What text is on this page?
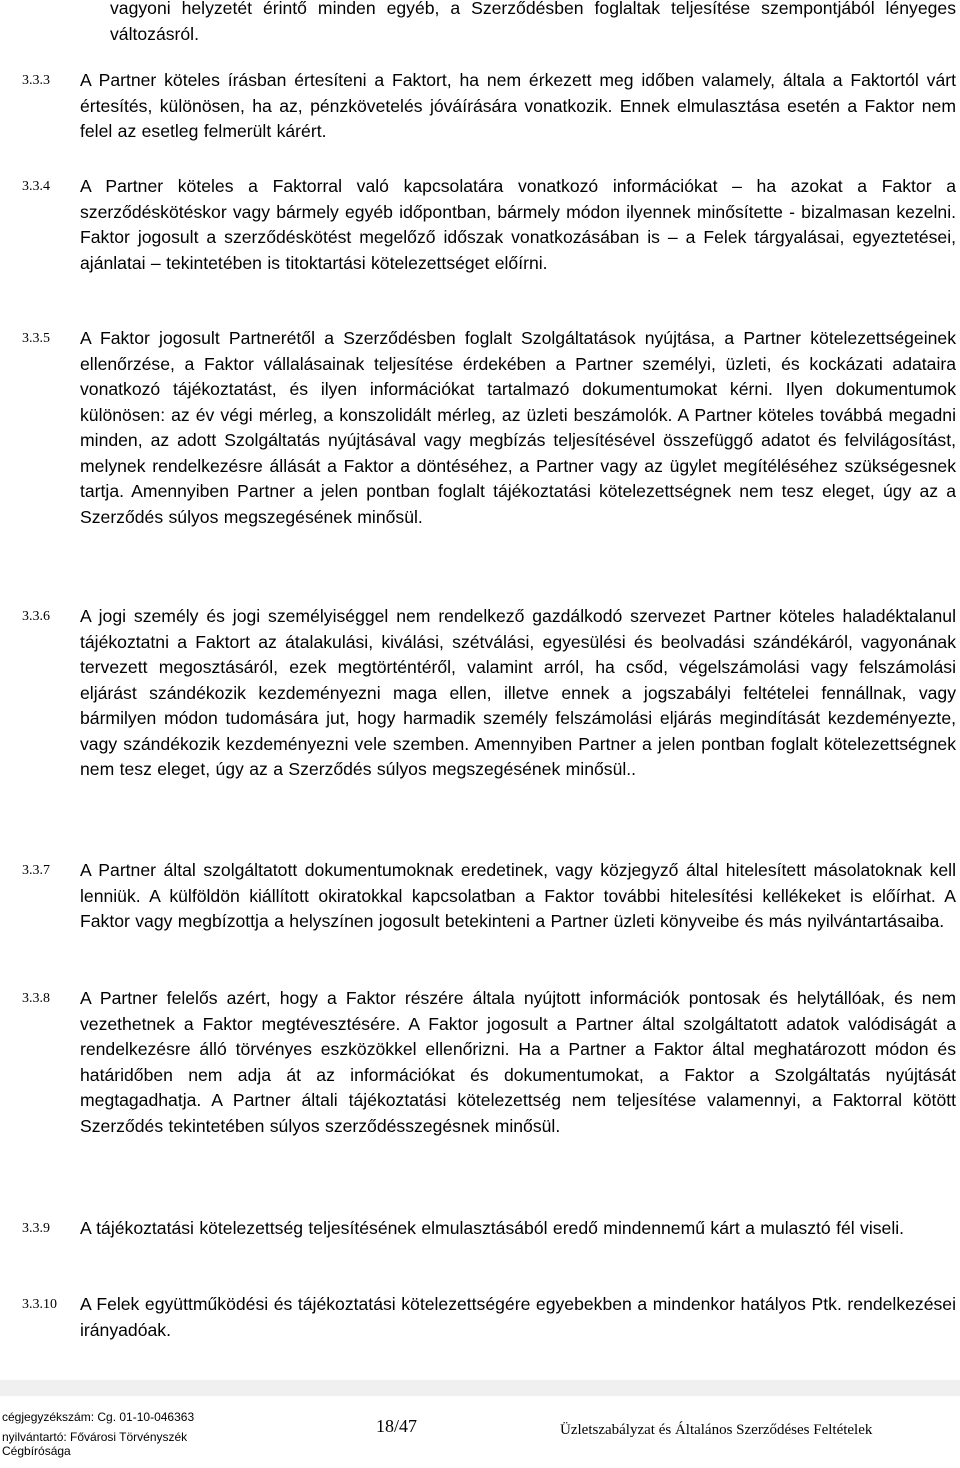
vagyoni helyzetét érintő minden egyéb, a Szerződésben foglaltak teljesítése szempontjából lényeges változásról.
3.3.3 A Partner köteles írásban értesíteni a Faktort, ha nem érkezett meg időben valamely, általa a Faktortól várt értesítés, különösen, ha az, pénzkövetelés jóváírására vonatkozik. Ennek elmulasztása esetén a Faktor nem felel az esetleg felmerült kárért.
3.3.4 A Partner köteles a Faktorral való kapcsolatára vonatkozó információkat – ha azokat a Faktor a szerződéskötéskor vagy bármely egyéb időpontban, bármely módon ilyennek minősítette - bizalmasan kezelni. Faktor jogosult a szerződéskötést megelőző időszak vonatkozásában is – a Felek tárgyalásai, egyeztetései, ajánlatai – tekintetében is titoktartási kötelezettséget előírni.
3.3.5 A Faktor jogosult Partnerétől a Szerződésben foglalt Szolgáltatások nyújtása, a Partner kötelezettségeinek ellenőrzése, a Faktor vállalásainak teljesítése érdekében a Partner személyi, üzleti, és kockázati adataira vonatkozó tájékoztatást, és ilyen információkat tartalmazó dokumentumokat kérni. Ilyen dokumentumok különösen: az év végi mérleg, a konszolidált mérleg, az üzleti beszámolók. A Partner köteles továbbá megadni minden, az adott Szolgáltatás nyújtásával vagy megbízás teljesítésével összefüggő adatot és felvilágosítást, melynek rendelkezésre állását a Faktor a döntéséhez, a Partner vagy az ügylet megítéléséhez szükségesnek tartja. Amennyiben Partner a jelen pontban foglalt tájékoztatási kötelezettségnek nem tesz eleget, úgy az a Szerződés súlyos megszegésének minősül.
3.3.6 A jogi személy és jogi személyiséggel nem rendelkező gazdálkodó szervezet Partner köteles haladéktalanul tájékoztatni a Faktort az átalakulási, kiválási, szétválási, egyesülési és beolvadási szándékáról, vagyonának tervezett megosztásáról, ezek megtörténtéről, valamint arról, ha csőd, végelszámolási vagy felszámolási eljárást szándékozik kezdeményezni maga ellen, illetve ennek a jogszabályi feltételei fennállnak, vagy bármilyen módon tudomására jut, hogy harmadik személy felszámolási eljárás megindítását kezdeményezte, vagy szándékozik kezdeményezni vele szemben. Amennyiben Partner a jelen pontban foglalt kötelezettségnek nem tesz eleget, úgy az a Szerződés súlyos megszegésének minősül..
3.3.7 A Partner által szolgáltatott dokumentumoknak eredetinek, vagy közjegyző által hitelesített másolatoknak kell lenniük. A külföldön kiállított okiratokkal kapcsolatban a Faktor további hitelesítési kellékeket is előírhat. A Faktor vagy megbízottja a helyszínen jogosult betekinteni a Partner üzleti könyveibe és más nyilvántartásaiba.
3.3.8 A Partner felelős azért, hogy a Faktor részére általa nyújtott információk pontosak és helytállóak, és nem vezethetnek a Faktor megtévesztésére. A Faktor jogosult a Partner által szolgáltatott adatok valódiságát a rendelkezésre álló törvényes eszközökkel ellenőrizni. Ha a Partner a Faktor által meghatározott módon és határidőben nem adja át az információkat és dokumentumokat, a Faktor a Szolgáltatás nyújtását megtagadhatja. A Partner általi tájékoztatási kötelezettség nem teljesítése valamennyi, a Faktorral kötött Szerződés tekintetében súlyos szerződésszegésnek minősül.
3.3.9 A tájékoztatási kötelezettség teljesítésének elmulasztásából eredő mindennemű kárt a mulasztó fél viseli.
3.3.10 A Felek együttműködési és tájékoztatási kötelezettségére egyebekben a mindenkor hatályos Ptk. rendelkezései irányadóak.
cégjegyzékszám: Cg. 01-10-046363
nyilvántartó: Fővárosi Törvényszék Cégbírósága
18/47	Üzletszabályzat és Általános Szerződéses Feltételek
